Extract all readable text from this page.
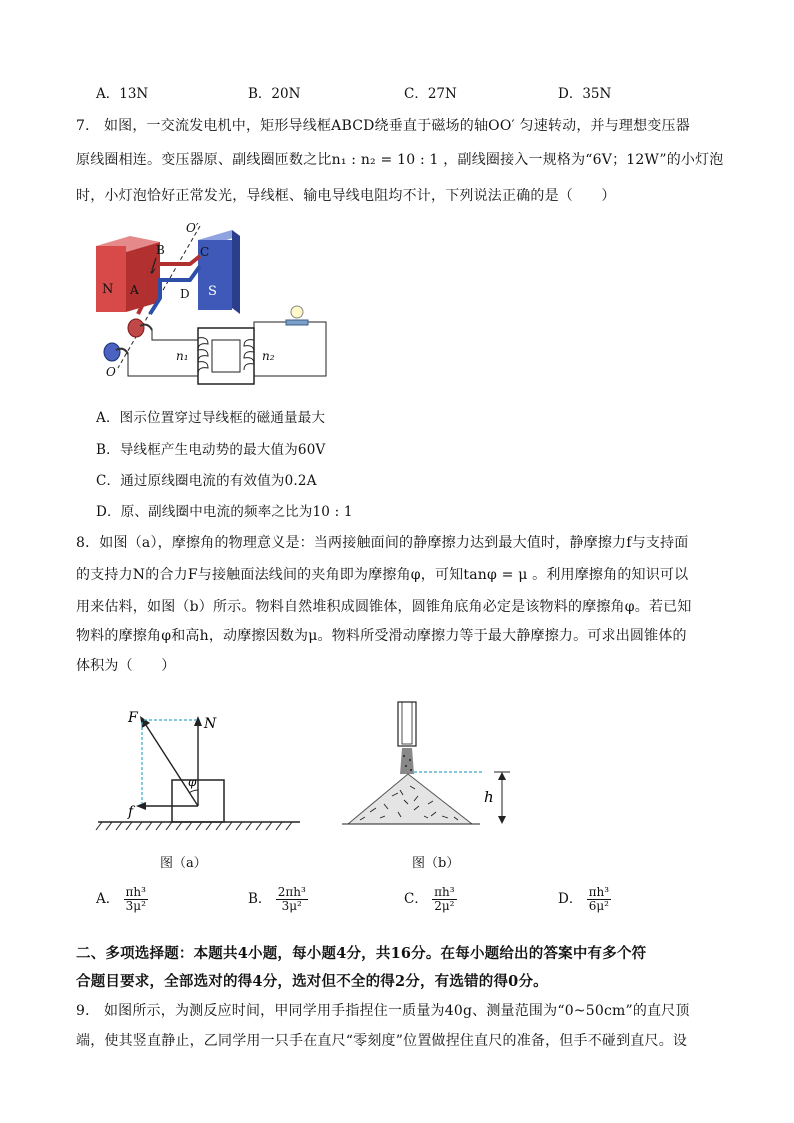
A．13N	B．20N	C．27N	D．35N
7． 如图，一交流发电机中，矩形导线框ABCD绕垂直于磁场的轴OO′ 匀速转动，并与理想变压器
原线圈相连。变压器原、副线圈匝数之比n₁ : n₂ = 10 : 1 ，副线圈接入一规格为“6V；12W”的小灯泡
时，小灯泡恰好正常发光，导线框、输电导线电阻均不计，下列说法正确的是（　　）
N	S
A
B	C
D
O′
O
n₁	n₂
A．图示位置穿过导线框的磁通量最大
B．导线框产生电动势的最大值为60V
C．通过原线圈电流的有效值为0.2A
D．原、副线圈中电流的频率之比为10 : 1
8．如图（a），摩擦角的物理意义是：当两接触面间的静摩擦力达到最大值时，静摩擦力f与支持面
的支持力N的合力F与接触面法线间的夹角即为摩擦角φ，可知tanφ = μ 。利用摩擦角的知识可以
用来估料，如图（b）所示。物料自然堆积成圆锥体，圆锥角底角必定是该物料的摩擦角φ。若已知
物料的摩擦角φ和高h，动摩擦因数为μ。物料所受滑动摩擦力等于最大静摩擦力。可求出圆锥体的
体积为（　　）
F	N
φ
f
图（a）
h
图（b）
A． $\frac{\text{πh³}}{\text{3μ²}}$	B． $\frac{\text{2πh³}}{\text{3μ²}}$	C． $\frac{\text{πh³}}{\text{2μ²}}$	D． $\frac{\text{πh³}}{\text{6μ²}}$
二、多项选择题：本题共4小题，每小题4分，共16分。在每小题给出的答案中有多个符
合题目要求，全部选对的得4分，选对但不全的得2分，有选错的得0分。
9． 如图所示，为测反应时间，甲同学用手指捏住一质量为40g、测量范围为“0~50cm”的直尺顶
端，使其竖直静止，乙同学用一只手在直尺“零刻度”位置做捏住直尺的准备，但手不碰到直尺。设
